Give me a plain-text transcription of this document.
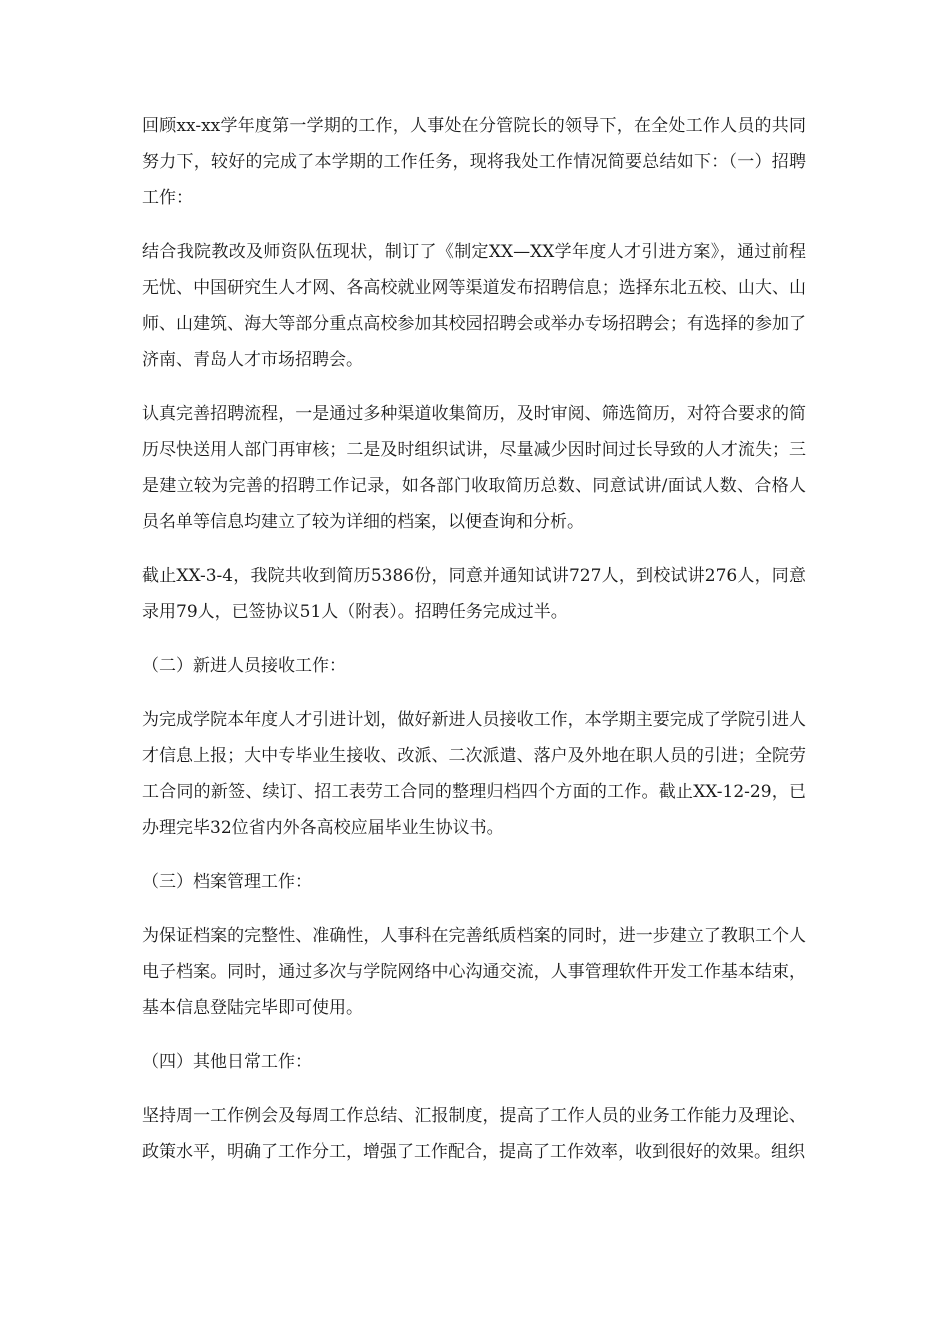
回顾xx-xx学年度第一学期的工作，人事处在分管院长的领导下，在全处工作人员的共同努力下，较好的完成了本学期的工作任务，现将我处工作情况简要总结如下：（一）招聘工作：

结合我院教改及师资队伍现状，制订了《制定XX—XX学年度人才引进方案》，通过前程无忧、中国研究生人才网、各高校就业网等渠道发布招聘信息；选择东北五校、山大、山师、山建筑、海大等部分重点高校参加其校园招聘会或举办专场招聘会；有选择的参加了济南、青岛人才市场招聘会。

认真完善招聘流程，一是通过多种渠道收集简历，及时审阅、筛选简历，对符合要求的简历尽快送用人部门再审核；二是及时组织试讲，尽量减少因时间过长导致的人才流失；三是建立较为完善的招聘工作记录，如各部门收取简历总数、同意试讲/面试人数、合格人员名单等信息均建立了较为详细的档案，以便查询和分析。

截止XX-3-4，我院共收到简历5386份，同意并通知试讲727人，到校试讲276人，同意录用79人，已签协议51人（附表）。招聘任务完成过半。

（二）新进人员接收工作：

为完成学院本年度人才引进计划，做好新进人员接收工作，本学期主要完成了学院引进人才信息上报；大中专毕业生接收、改派、二次派遣、落户及外地在职人员的引进；全院劳工合同的新签、续订、招工表劳工合同的整理归档四个方面的工作。截止XX-12-29，已办理完毕32位省内外各高校应届毕业生协议书。

（三）档案管理工作：

为保证档案的完整性、准确性，人事科在完善纸质档案的同时，进一步建立了教职工个人电子档案。同时，通过多次与学院网络中心沟通交流，人事管理软件开发工作基本结束，基本信息登陆完毕即可使用。

（四）其他日常工作：

坚持周一工作例会及每周工作总结、汇报制度，提高了工作人员的业务工作能力及理论、政策水平，明确了工作分工，增强了工作配合，提高了工作效率，收到很好的效果。组织
